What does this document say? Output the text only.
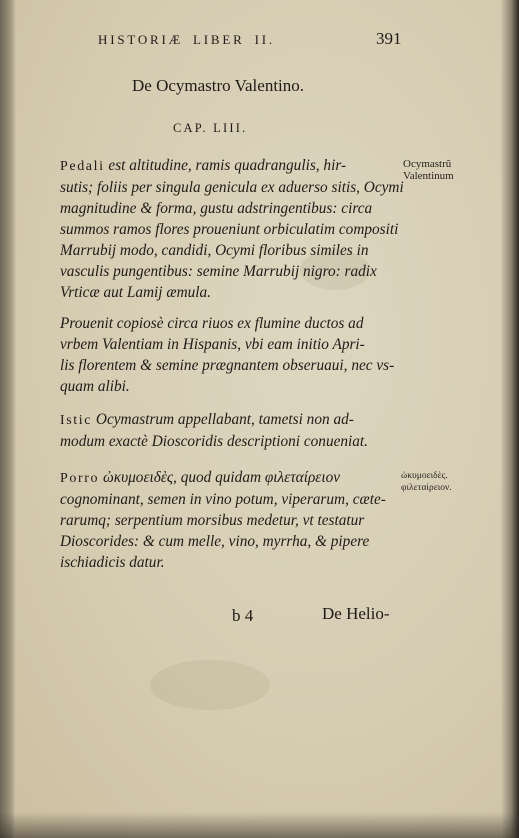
HISTORIÆ LIBER II.	391
De Ocymastro Valentino.
CAP. LIII.
Pedali est altitudine, ramis quadrangulis, hir-
sutis; foliis per singula genicula ex aduerso sitis, Ocymi
magnitudine & forma, gustu adstringentibus: circa
summos ramos flores proueniunt orbiculatim compositi
Marrubij modo, candidi, Ocymi floribus similes in
vasculis pungentibus: semine Marrubij nigro: radix
Vrticæ aut Lamij æmula.
Prouenit copiosè circa riuos ex flumine ductos ad
vrbem Valentiam in Hispanis, vbi eam initio Apri-
lis florentem & semine prægnantem obseruaui, nec vs-
quam alibi.
Istic Ocymastrum appellabant, tametsi non ad-
modum exactè Dioscoridis descriptioni conueniat.
Porro ὠκυμοειδὲς, quod quidam φιλεταίρειον
cognominant, semen in vino potum, viperarum, cæte-
rarumq; serpentium morsibus medetur, vt testatur
Dioscorides: & cum melle, vino, myrrha, & pipere
ischiadicis datur.
Ocymastrũ
Valentinum
ὠκυμοειδὲς.
φιλεταίρειον.
b 4	De Helio-
